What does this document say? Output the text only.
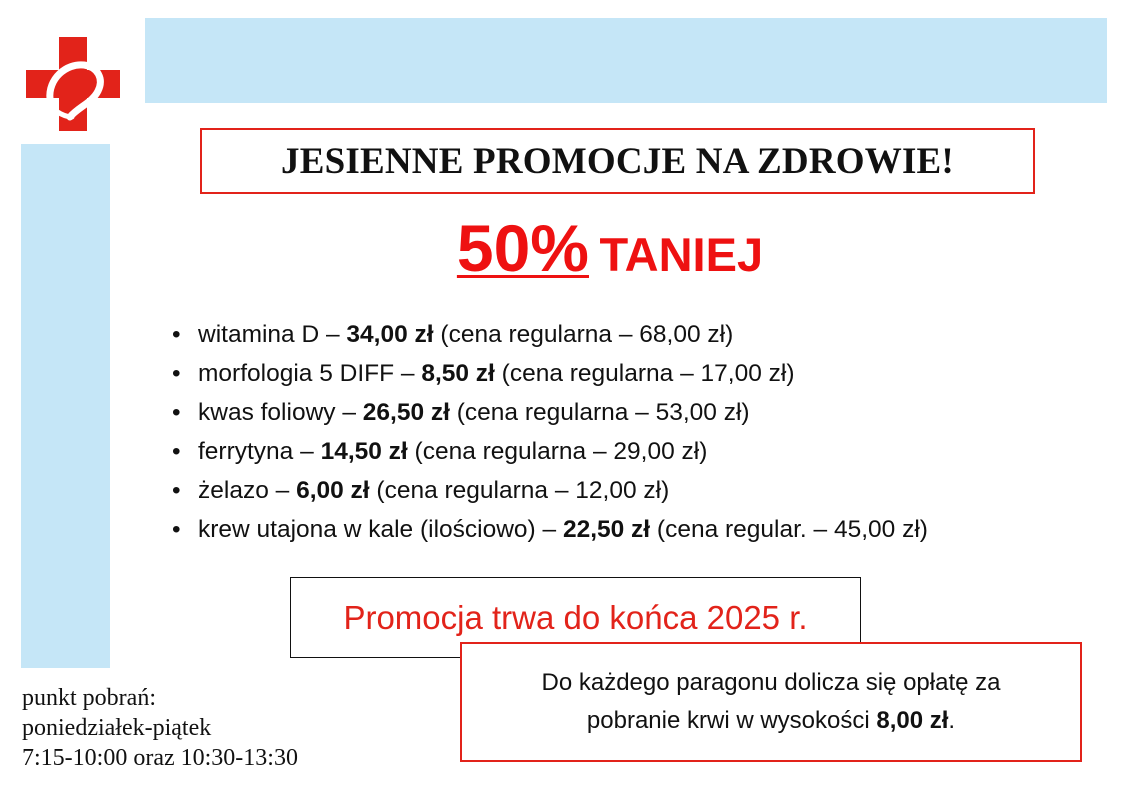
JESIENNE PROMOCJE NA ZDROWIE!
50% TANIEJ
• witamina D – 34,00 zł (cena regularna – 68,00 zł)
• morfologia 5 DIFF – 8,50 zł (cena regularna – 17,00 zł)
• kwas foliowy – 26,50 zł (cena regularna – 53,00 zł)
• ferrytyna – 14,50 zł (cena regularna – 29,00 zł)
• żelazo – 6,00 zł (cena regularna – 12,00 zł)
• krew utajona w kale (ilościowo) – 22,50 zł (cena regular. – 45,00 zł)
Promocja trwa do końca 2025 r.
Do każdego paragonu dolicza się opłatę za
pobranie krwi w wysokości 8,00 zł.
punkt pobrań:
poniedziałek-piątek
7:15-10:00 oraz 10:30-13:30
